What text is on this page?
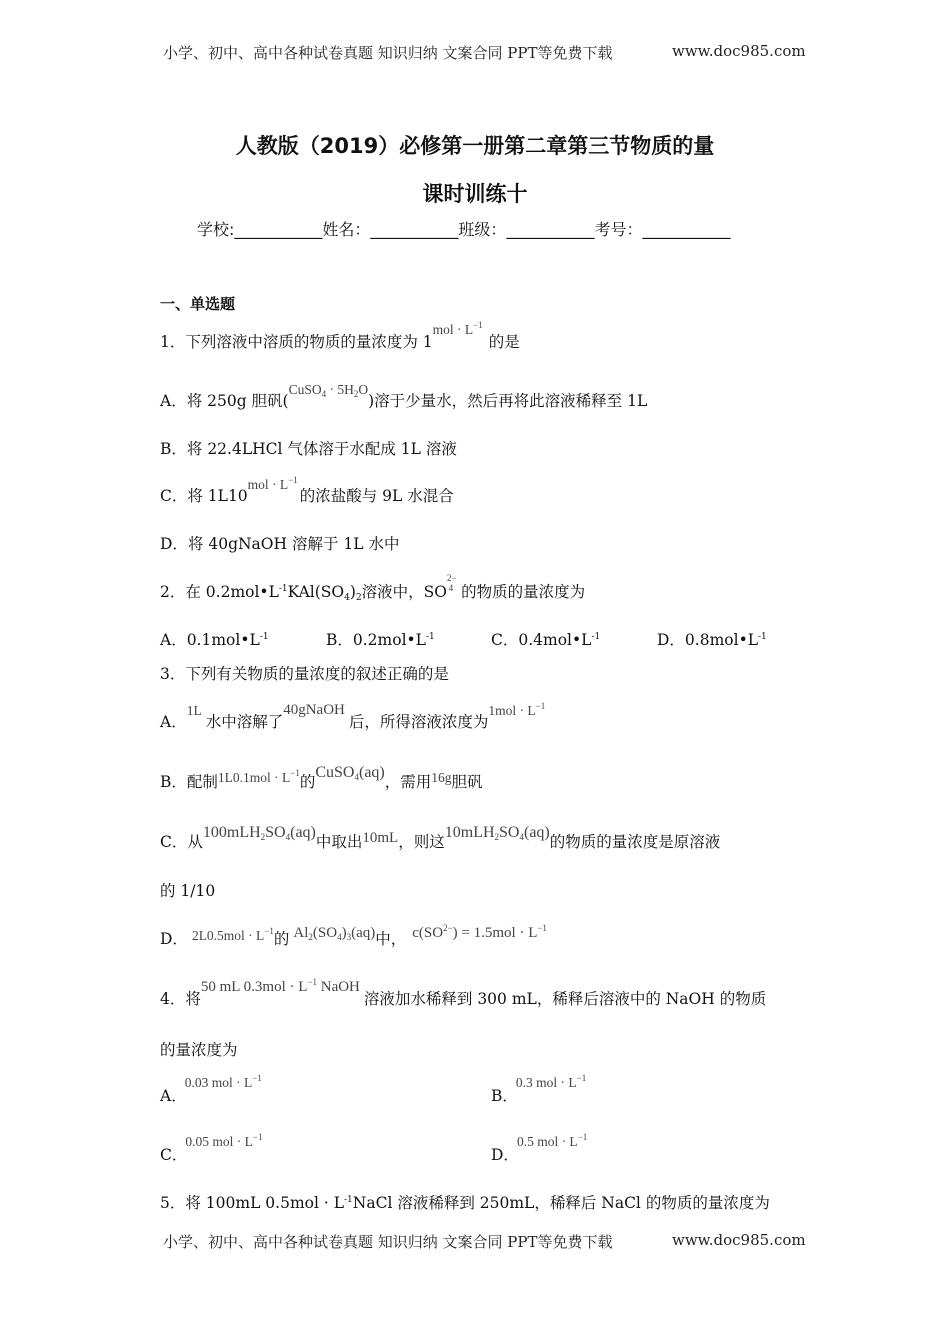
小学、初中、高中各种试卷真题 知识归纳 文案合同 PPT等免费下载	www.doc985.com
人教版（2019）必修第一册第二章第三节物质的量
课时训练十
学校:___________姓名：___________班级：___________考号：___________
一、单选题
1．下列溶液中溶质的物质的量浓度为 $1mol \cdot L^{-1}$的是
A．将 250g 胆矾(CuSO$_4$ · $5H_2O$)溶于少量水，然后再将此溶液稀释至 1L
B．将 22.4LHCl 气体溶于水配成 1L 溶液
C．将 $1L10mol \cdot L^{-1}$的浓盐酸与 9L 水混合
D．将 40gNaOH 溶解于 1L 水中
2．在 $0.2mol•L^{-1}KAl(SO_4)_2$溶液中，$SO^{2-4}$ 的物质的量浓度为
A．$0.1mol•L^{-1}$	B．$0.2mol•L^{-1}$	C．$0.4mol•L^{-1}$	D．$0.8mol•L^{-1}$
3．下列有关物质的量浓度的叙述正确的是
A．1L水中溶解了40gNaOH后，所得溶液浓度为$1mol \cdot L^{-1}$
B．配制$1L0.1mol \cdot L^{-1}$的CuSO$_4$(aq)，需用16g胆矾
C．从$100mLH_2SO_4(aq)$中取出10mL，则这$10mLH_2SO_4(aq)$的物质的量浓度是原溶液
的 1/10
D． $2L0.5mol \cdot L^{-1}$的 $Al_2(SO_4)_3(aq)$中， $c(SO^{2-}) = 1.5mol \cdot L^{-1}$
4．将50 mL $0.3mol \cdot L^{-1}$ NaOH溶液加水稀释到 300 mL，稀释后溶液中的 NaOH 的物质
的量浓度为
A．0.03 mol · $L^{-1}$
B．0.3 mol · $L^{-1}$
C．0.05 mol · $L^{-1}$
D．0.5 mol · $L^{-1}$
5．将 100mL $0.5mol \cdot L^{-1}NaCl$ 溶液稀释到 250mL，稀释后 NaCl 的物质的量浓度为
小学、初中、高中各种试卷真题 知识归纳 文案合同 PPT等免费下载	www.doc985.com
